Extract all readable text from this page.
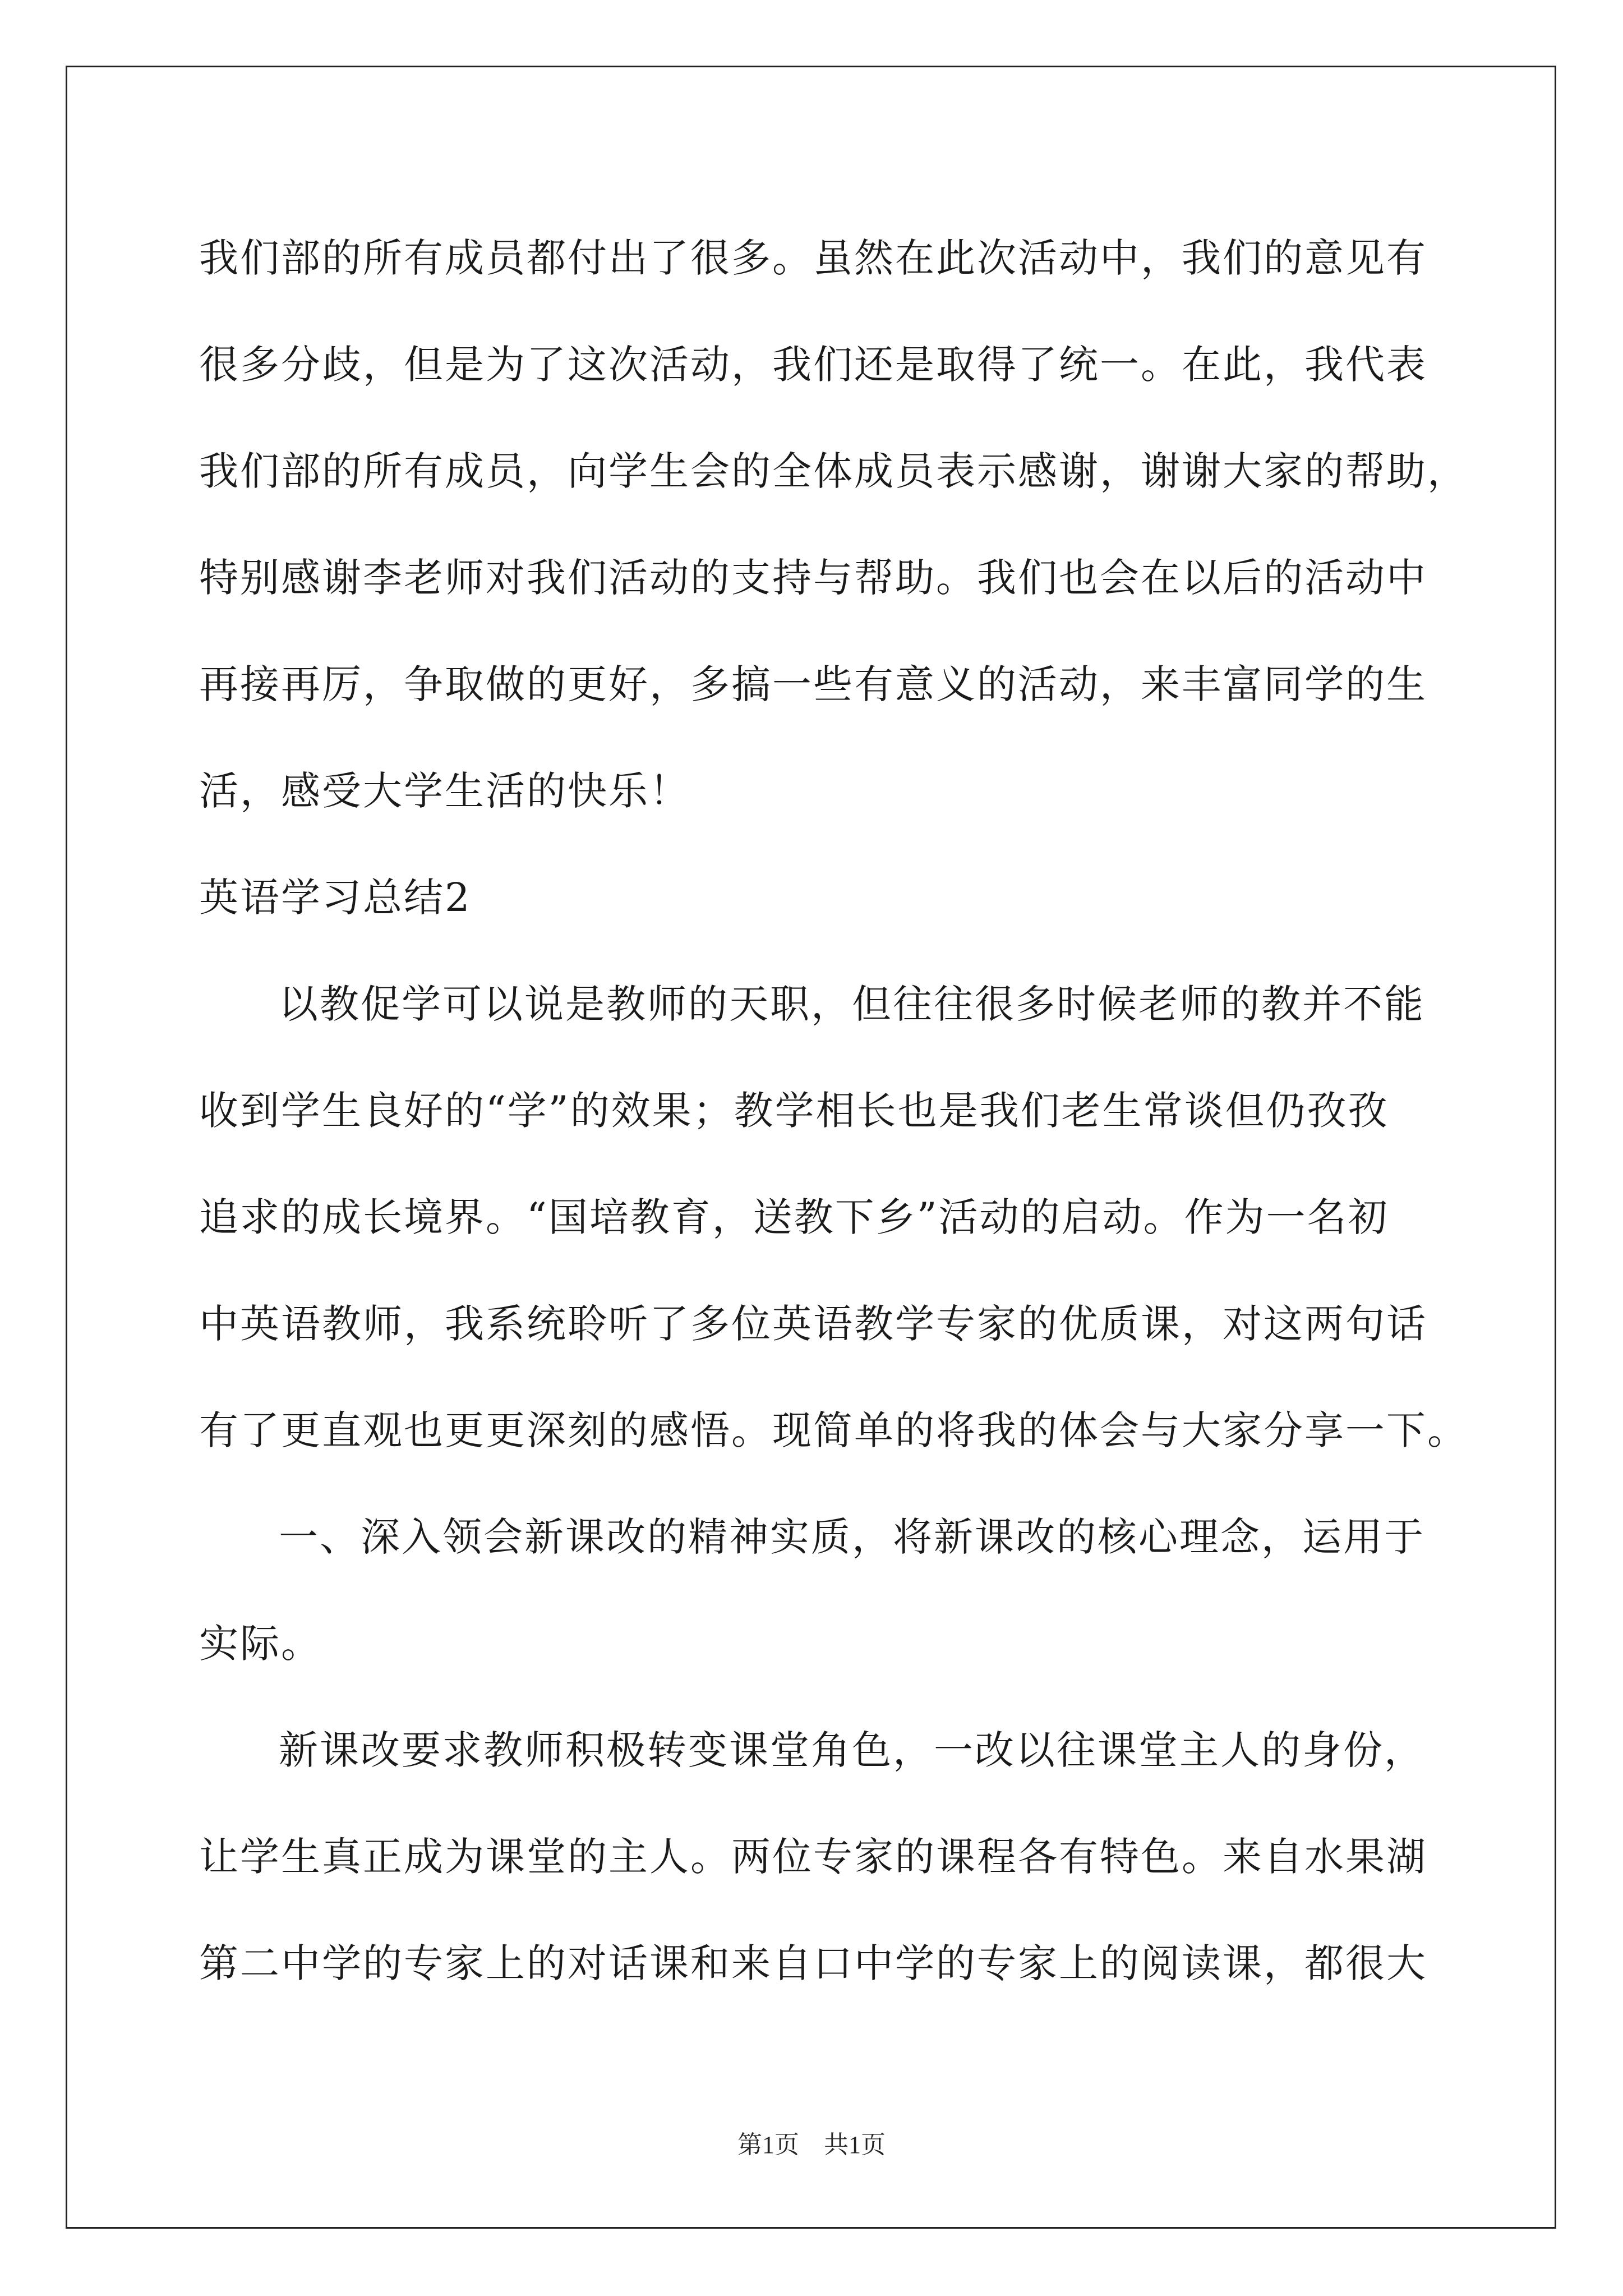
我们部的所有成员都付出了很多。虽然在此次活动中，我们的意见有
很多分歧，但是为了这次活动，我们还是取得了统一。在此，我代表
我们部的所有成员，向学生会的全体成员表示感谢，谢谢大家的帮助，
特别感谢李老师对我们活动的支持与帮助。我们也会在以后的活动中
再接再厉，争取做的更好，多搞一些有意义的活动，来丰富同学的生
活，感受大学生活的快乐！
英语学习总结2
以教促学可以说是教师的天职，但往往很多时候老师的教并不能
收到学生良好的“学”的效果；教学相长也是我们老生常谈但仍孜孜
追求的成长境界。“国培教育，送教下乡”活动的启动。作为一名初
中英语教师，我系统聆听了多位英语教学专家的优质课，对这两句话
有了更直观也更更深刻的感悟。现简单的将我的体会与大家分享一下。
一、深入领会新课改的精神实质，将新课改的核心理念，运用于
实际。
新课改要求教师积极转变课堂角色，一改以往课堂主人的身份，
让学生真正成为课堂的主人。两位专家的课程各有特色。来自水果湖
第二中学的专家上的对话课和来自口中学的专家上的阅读课，都很大
第1页 共1页
